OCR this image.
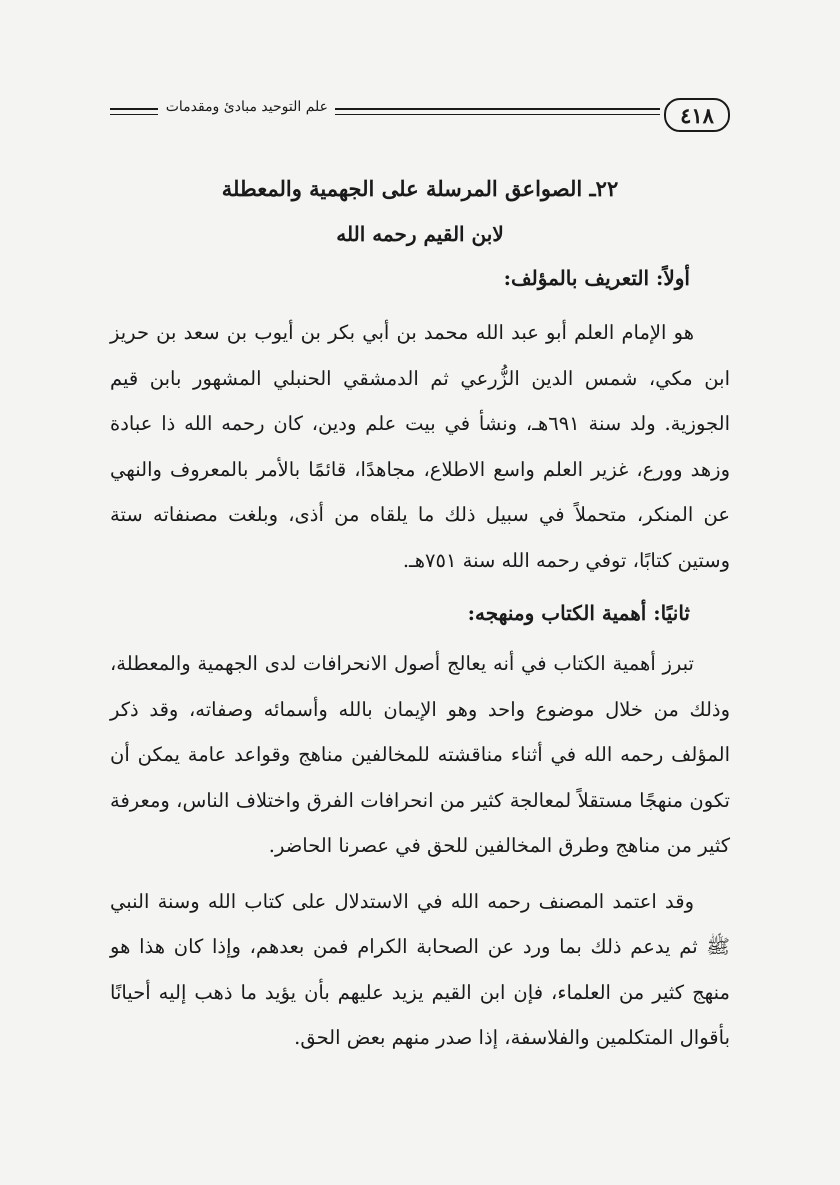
علم التوحيد مبادئ ومقدمات	٤١٨
٢٢ـ الصواعق المرسلة على الجهمية والمعطلة
لابن القيم رحمه الله
أولاً: التعريف بالمؤلف:

هو الإمام العلم أبو عبد الله محمد بن أبي بكر بن أيوب بن سعد بن حريز ابن مكي، شمس الدين الزُّرعي ثم الدمشقي الحنبلي المشهور بابن قيم الجوزية. ولد سنة ٦٩١هـ، ونشأ في بيت علم ودين، كان رحمه الله ذا عبادة وزهد وورع، غزير العلم واسع الاطلاع، مجاهدًا، قائمًا بالأمر بالمعروف والنهي عن المنكر، متحملاً في سبيل ذلك ما يلقاه من أذى، وبلغت مصنفاته ستة وستين كتابًا، توفي رحمه الله سنة ٧٥١هـ.

ثانيًا: أهمية الكتاب ومنهجه:

تبرز أهمية الكتاب في أنه يعالج أصول الانحرافات لدى الجهمية والمعطلة، وذلك من خلال موضوع واحد وهو الإيمان بالله وأسمائه وصفاته، وقد ذكر المؤلف رحمه الله في أثناء مناقشته للمخالفين مناهج وقواعد عامة يمكن أن تكون منهجًا مستقلاً لمعالجة كثير من انحرافات الفرق واختلاف الناس، ومعرفة كثير من مناهج وطرق المخالفين للحق في عصرنا الحاضر.

وقد اعتمد المصنف رحمه الله في الاستدلال على كتاب الله وسنة النبي ﷺ ثم يدعم ذلك بما ورد عن الصحابة الكرام فمن بعدهم، وإذا كان هذا هو منهج كثير من العلماء، فإن ابن القيم يزيد عليهم بأن يؤيد ما ذهب إليه أحيانًا بأقوال المتكلمين والفلاسفة، إذا صدر منهم بعض الحق.
